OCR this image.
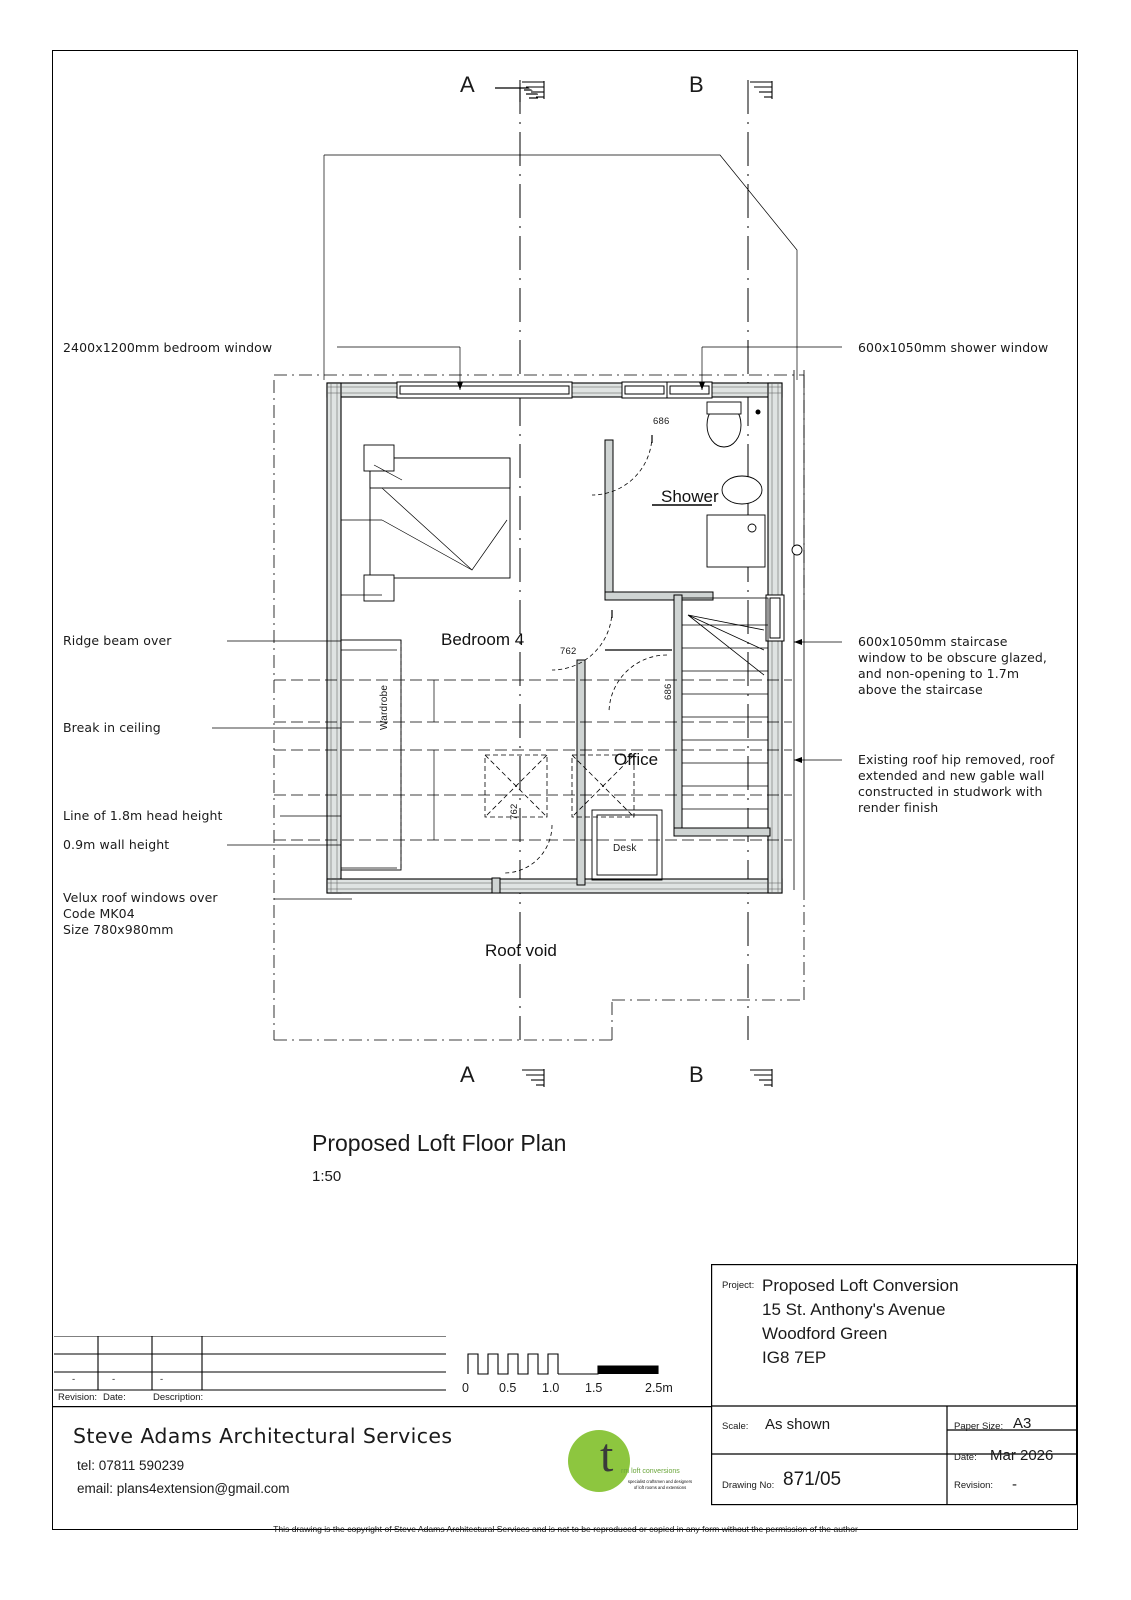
A	B
A	B
Bedroom 4
Shower
Office
Roof void
Wardrobe
Desk
686
762
686
762
2400x1200mm bedroom window
Ridge beam over
Break in ceiling
Line of 1.8m head height
0.9m wall height
Velux roof windows over
Code MK04
Size 780x980mm
600x1050mm shower window
600x1050mm staircase
window to be obscure glazed,
and non-opening to 1.7m
above the staircase
Existing roof hip removed, roof
extended and new gable wall
constructed in studwork with
render finish
Proposed Loft Floor Plan
1:50
0 0.5 1.0 1.5	2.5m
Revision: Date:	Description:
-	-	-
Project: Proposed Loft Conversion
15 St. Anthony's Avenue
Woodford Green
IG8 7EP
Scale: As shown	Paper Size: A3
Date: Mar 2026
Drawing No: 871/05	Revision: -
Steve Adams Architectural Services
tel: 07811 590239
email: plans4extension@gmail.com
t rm loft conversions
specialist craftsmen and designers
of loft rooms and extensions
This drawing is the copyright of Steve Adams Architectural Services and is not to be reproduced or copied in any form without the permission of the author
